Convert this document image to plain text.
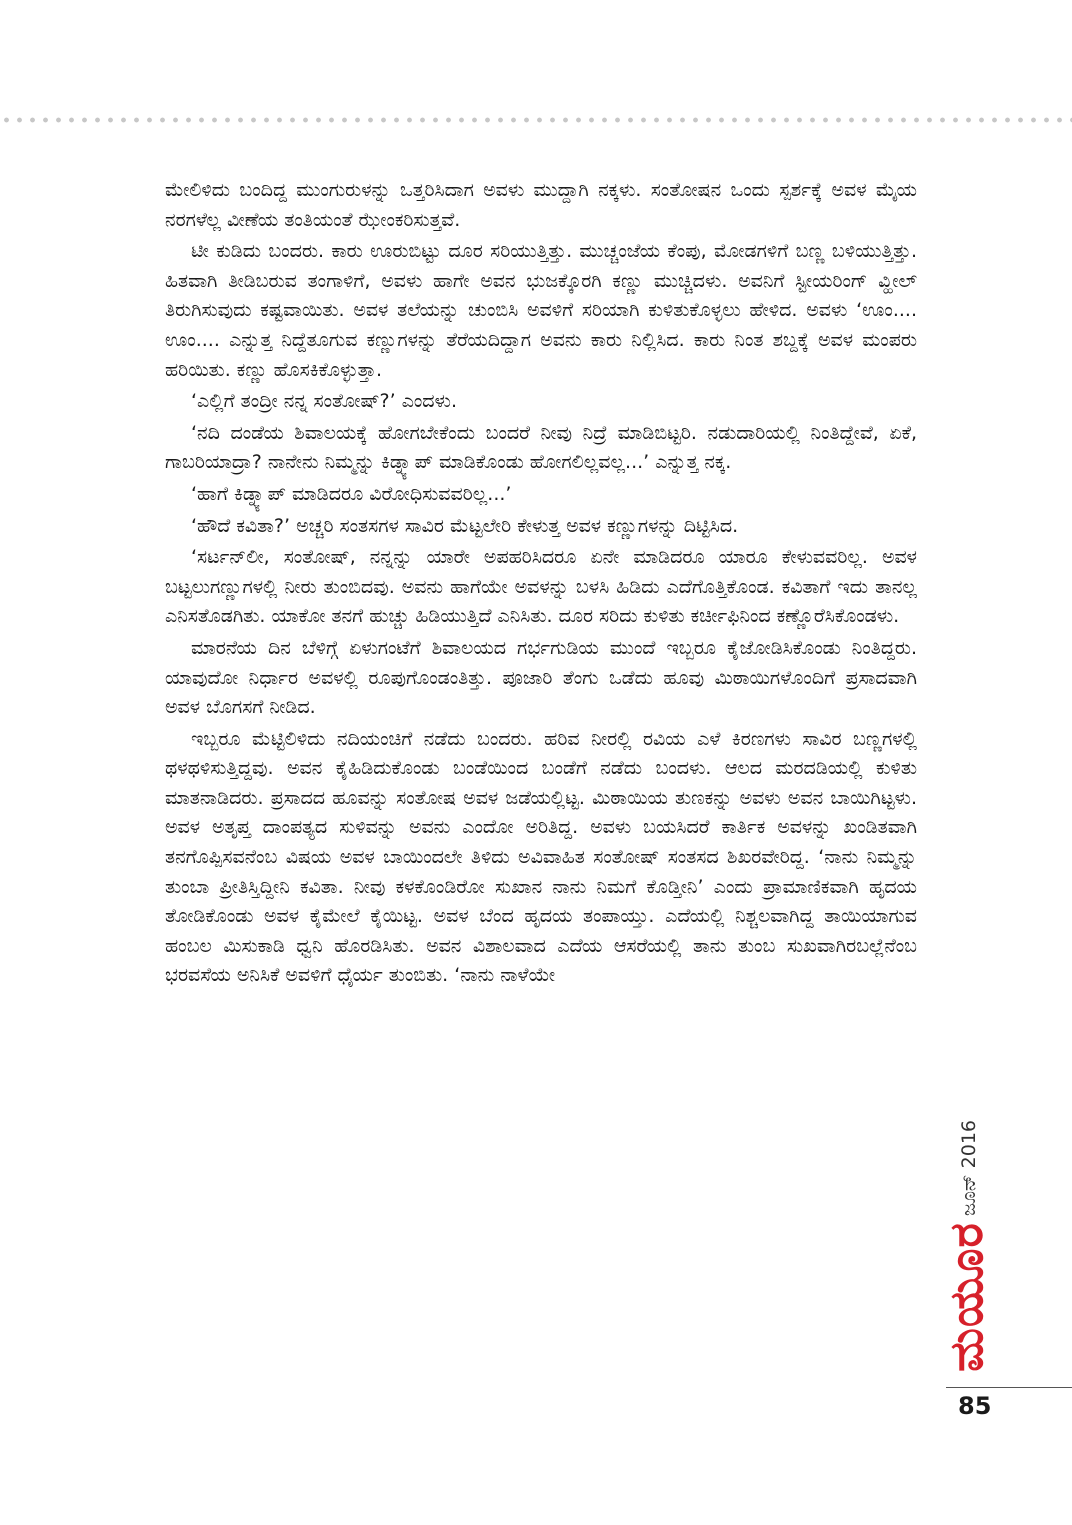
ಮೇಲಿಳಿದು ಬಂದಿದ್ದ ಮುಂಗುರುಳನ್ನು ಒತ್ತರಿಸಿದಾಗ ಅವಳು ಮುದ್ದಾಗಿ ನಕ್ಕಳು. ಸಂತೋಷನ ಒಂದು ಸ್ಪರ್ಶಕ್ಕೆ ಅವಳ ಮೈಯ ನರಗಳೆಲ್ಲ ವೀಣೆಯ ತಂತಿಯಂತೆ ಝೇಂಕರಿಸುತ್ತವೆ.

ಟೀ ಕುಡಿದು ಬಂದರು. ಕಾರು ಊರುಬಿಟ್ಟು ದೂರ ಸರಿಯುತ್ತಿತ್ತು. ಮುಚ್ಚಂಜೆಯ ಕೆಂಪು, ಮೋಡಗಳಿಗೆ ಬಣ್ಣ ಬಳಿಯುತ್ತಿತ್ತು. ಹಿತವಾಗಿ ತೀಡಿಬರುವ ತಂಗಾಳಿಗೆ, ಅವಳು ಹಾಗೇ ಅವನ ಭುಜಕ್ಕೊರಗಿ ಕಣ್ಣು ಮುಚ್ಚಿದಳು. ಅವನಿಗೆ ಸ್ಟೀಯರಿಂಗ್ ವ್ಹೀಲ್ ತಿರುಗಿಸುವುದು ಕಷ್ಟವಾಯಿತು. ಅವಳ ತಲೆಯನ್ನು ಚುಂಬಿಸಿ ಅವಳಿಗೆ ಸರಿಯಾಗಿ ಕುಳಿತುಕೊಳ್ಳಲು ಹೇಳಿದ. ಅವಳು ‘ಊಂ.... ಊಂ.... ಎನ್ನುತ್ತ ನಿದ್ದೆತೂಗುವ ಕಣ್ಣುಗಳನ್ನು ತೆರೆಯದಿದ್ದಾಗ ಅವನು ಕಾರು ನಿಲ್ಲಿಸಿದ. ಕಾರು ನಿಂತ ಶಬ್ದಕ್ಕೆ ಅವಳ ಮಂಪರು ಹರಿಯಿತು. ಕಣ್ಣು ಹೊಸಕಿಕೊಳ್ಳುತ್ತಾ.

‘ಎಲ್ಲಿಗೆ ತಂದ್ರೀ ನನ್ನ ಸಂತೋಷ್?’ ಎಂದಳು.

‘ನದಿ ದಂಡೆಯ ಶಿವಾಲಯಕ್ಕೆ ಹೋಗಬೇಕೆಂದು ಬಂದರೆ ನೀವು ನಿದ್ರೆ ಮಾಡಿಬಿಟ್ಟರಿ. ನಡುದಾರಿಯಲ್ಲಿ ನಿಂತಿದ್ದೇವೆ, ಏಕೆ, ಗಾಬರಿಯಾದ್ರಾ? ನಾನೇನು ನಿಮ್ಮನ್ನು ಕಿಡ್ನ್ಯಾಪ್ ಮಾಡಿಕೊಂಡು ಹೋಗಲಿಲ್ಲವಲ್ಲ...’ ಎನ್ನುತ್ತ ನಕ್ಕ.

‘ಹಾಗೆ ಕಿಡ್ನ್ಯಾಪ್ ಮಾಡಿದರೂ ವಿರೋಧಿಸುವವರಿಲ್ಲ...’

‘ಹೌದೆ ಕವಿತಾ?’ ಅಚ್ಚರಿ ಸಂತಸಗಳ ಸಾವಿರ ಮೆಟ್ಟಲೇರಿ ಕೇಳುತ್ತ ಅವಳ ಕಣ್ಣುಗಳನ್ನು ದಿಟ್ಟಿಸಿದ.

‘ಸರ್ಟನ್‌ಲೀ, ಸಂತೋಷ್, ನನ್ನನ್ನು ಯಾರೇ ಅಪಹರಿಸಿದರೂ ಏನೇ ಮಾಡಿದರೂ ಯಾರೂ ಕೇಳುವವರಿಲ್ಲ. ಅವಳ ಬಟ್ಟಲುಗಣ್ಣುಗಳಲ್ಲಿ ನೀರು ತುಂಬಿದವು. ಅವನು ಹಾಗೆಯೇ ಅವಳನ್ನು ಬಳಸಿ ಹಿಡಿದು ಎದೆಗೊತ್ತಿಕೊಂಡ. ಕವಿತಾಗೆ ಇದು ತಾನಲ್ಲ ಎನಿಸತೊಡಗಿತು. ಯಾಕೋ ತನಗೆ ಹುಚ್ಚು ಹಿಡಿಯುತ್ತಿದೆ ಎನಿಸಿತು. ದೂರ ಸರಿದು ಕುಳಿತು ಕರ್ಚೀಫಿನಿಂದ ಕಣ್ಣೊರೆಸಿಕೊಂಡಳು.

ಮಾರನೆಯ ದಿನ ಬೆಳಿಗ್ಗೆ ಏಳುಗಂಟೆಗೆ ಶಿವಾಲಯದ ಗರ್ಭಗುಡಿಯ ಮುಂದೆ ಇಬ್ಬರೂ ಕೈಜೋಡಿಸಿಕೊಂಡು ನಿಂತಿದ್ದರು. ಯಾವುದೋ ನಿರ್ಧಾರ ಅವಳಲ್ಲಿ ರೂಪುಗೊಂಡಂತಿತ್ತು. ಪೂಜಾರಿ ತೆಂಗು ಒಡೆದು ಹೂವು ಮಿಠಾಯಿಗಳೊಂದಿಗೆ ಪ್ರಸಾದವಾಗಿ ಅವಳ ಬೊಗಸಗೆ ನೀಡಿದ.

ಇಬ್ಬರೂ ಮೆಟ್ಟಿಲಿಳಿದು ನದಿಯಂಚಿಗೆ ನಡೆದು ಬಂದರು. ಹರಿವ ನೀರಲ್ಲಿ ರವಿಯ ಎಳೆ ಕಿರಣಗಳು ಸಾವಿರ ಬಣ್ಣಗಳಲ್ಲಿ ಥಳಥಳಿಸುತ್ತಿದ್ದವು. ಅವನ ಕೈಹಿಡಿದುಕೊಂಡು ಬಂಡೆಯಿಂದ ಬಂಡೆಗೆ ನಡೆದು ಬಂದಳು. ಆಲದ ಮರದಡಿಯಲ್ಲಿ ಕುಳಿತು ಮಾತನಾಡಿದರು. ಪ್ರಸಾದದ ಹೂವನ್ನು ಸಂತೋಷ ಅವಳ ಜಡೆಯಲ್ಲಿಟ್ಟ. ಮಿಠಾಯಿಯ ತುಣಕನ್ನು ಅವಳು ಅವನ ಬಾಯಿಗಿಟ್ಟಳು. ಅವಳ ಅತೃಪ್ತ ದಾಂಪತ್ಯದ ಸುಳಿವನ್ನು ಅವನು ಎಂದೋ ಅರಿತಿದ್ದ. ಅವಳು ಬಯಸಿದರೆ ಕಾರ್ತಿಕ ಅವಳನ್ನು ಖಂಡಿತವಾಗಿ ತನಗೊಪ್ಪಿಸವನೆಂಬ ವಿಷಯ ಅವಳ ಬಾಯಿಂದಲೇ ತಿಳಿದು ಅವಿವಾಹಿತ ಸಂತೋಷ್ ಸಂತಸದ ಶಿಖರವೇರಿದ್ದ. ‘ನಾನು ನಿಮ್ಮನ್ನು ತುಂಬಾ ಪ್ರೀತಿಸ್ತಿದ್ದೀನಿ ಕವಿತಾ. ನೀವು ಕಳಕೊಂಡಿರೋ ಸುಖಾನ ನಾನು ನಿಮಗೆ ಕೊಡ್ತೀನಿ’ ಎಂದು ಪ್ರಾಮಾಣಿಕವಾಗಿ ಹೃದಯ ತೋಡಿಕೊಂಡು ಅವಳ ಕೈಮೇಲೆ ಕೈಯಿಟ್ಟ. ಅವಳ ಬೆಂದ ಹೃದಯ ತಂಪಾಯ್ತು. ಎದೆಯಲ್ಲಿ ನಿಶ್ಚಲವಾಗಿದ್ದ ತಾಯಿಯಾಗುವ ಹಂಬಲ ಮಿಸುಕಾಡಿ ಧ್ವನಿ ಹೊರಡಿಸಿತು. ಅವನ ವಿಶಾಲವಾದ ಎದೆಯ ಆಸರೆಯಲ್ಲಿ ತಾನು ತುಂಬ ಸುಖವಾಗಿರಬಲ್ಲೆನೆಂಬ ಭರವಸೆಯ ಅನಿಸಿಕೆ ಅವಳಿಗೆ ಧೈರ್ಯ ತುಂಬಿತು. ‘ನಾನು ನಾಳೆಯೇ

ಜೂನ್ 2016
ಮಯೂರ
85
